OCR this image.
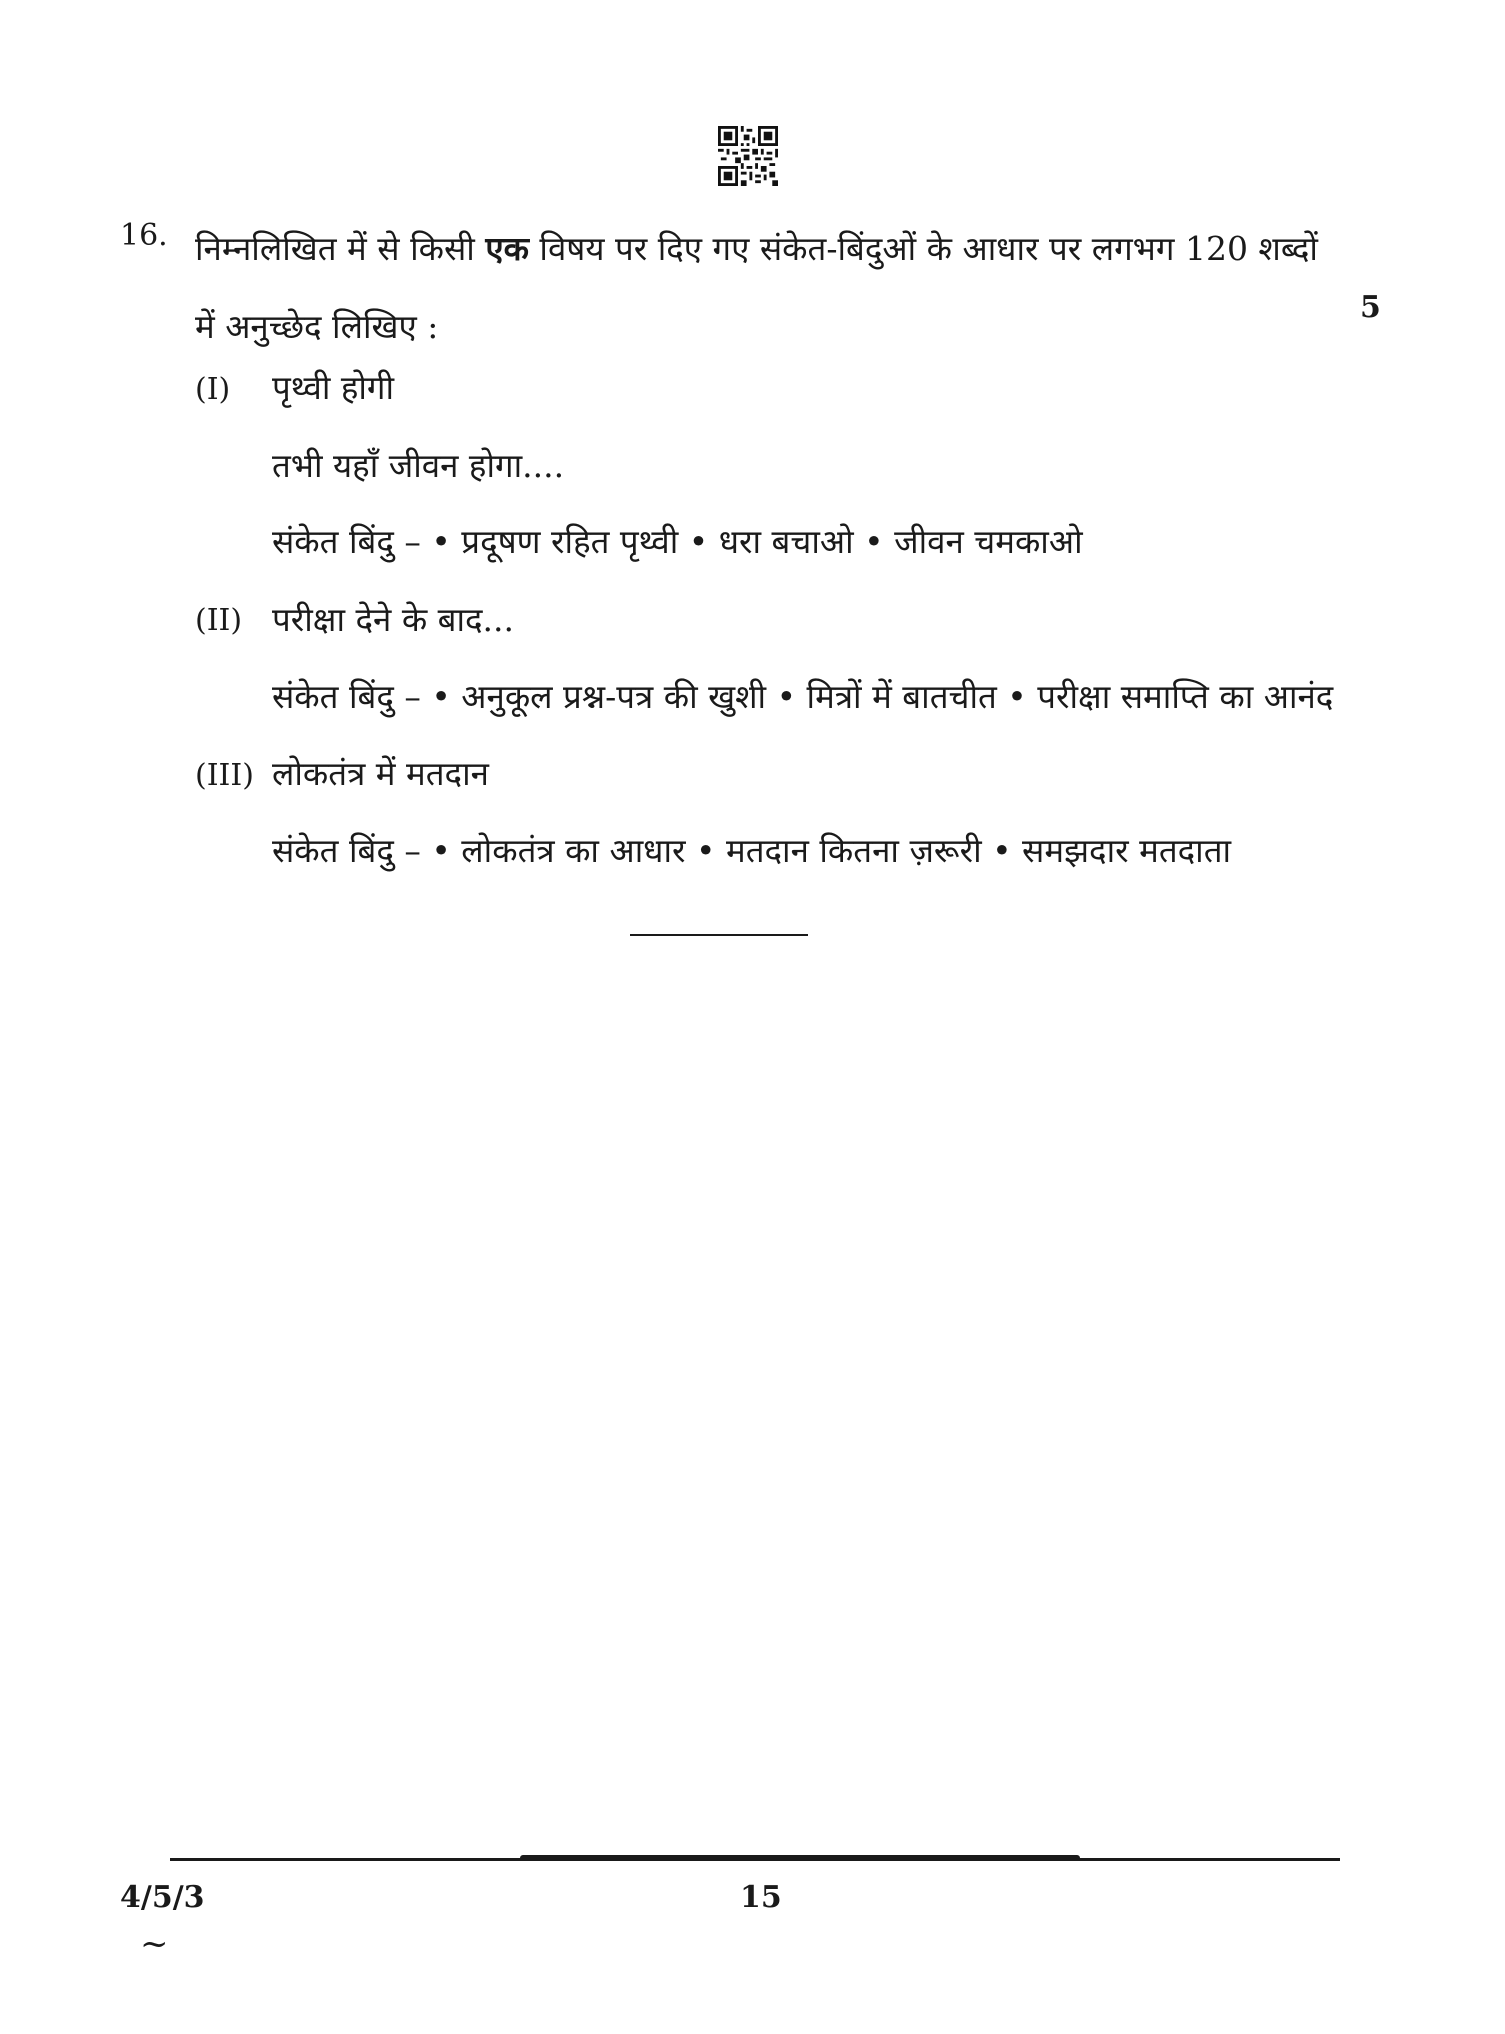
16. निम्नलिखित में से किसी एक विषय पर दिए गए संकेत-बिंदुओं के आधार पर लगभग 120 शब्दों में अनुच्छेद लिखिए :	5
(I) पृथ्वी होगी
तभी यहाँ जीवन होगा....
संकेत बिंदु – • प्रदूषण रहित पृथ्वी • धरा बचाओ • जीवन चमकाओ
(II) परीक्षा देने के बाद...
संकेत बिंदु – • अनुकूल प्रश्न-पत्र की खुशी • मित्रों में बातचीत • परीक्षा समाप्ति का आनंद
(III) लोकतंत्र में मतदान
संकेत बिंदु – • लोकतंत्र का आधार • मतदान कितना ज़रूरी • समझदार मतदाता
4/5/3	15
~
